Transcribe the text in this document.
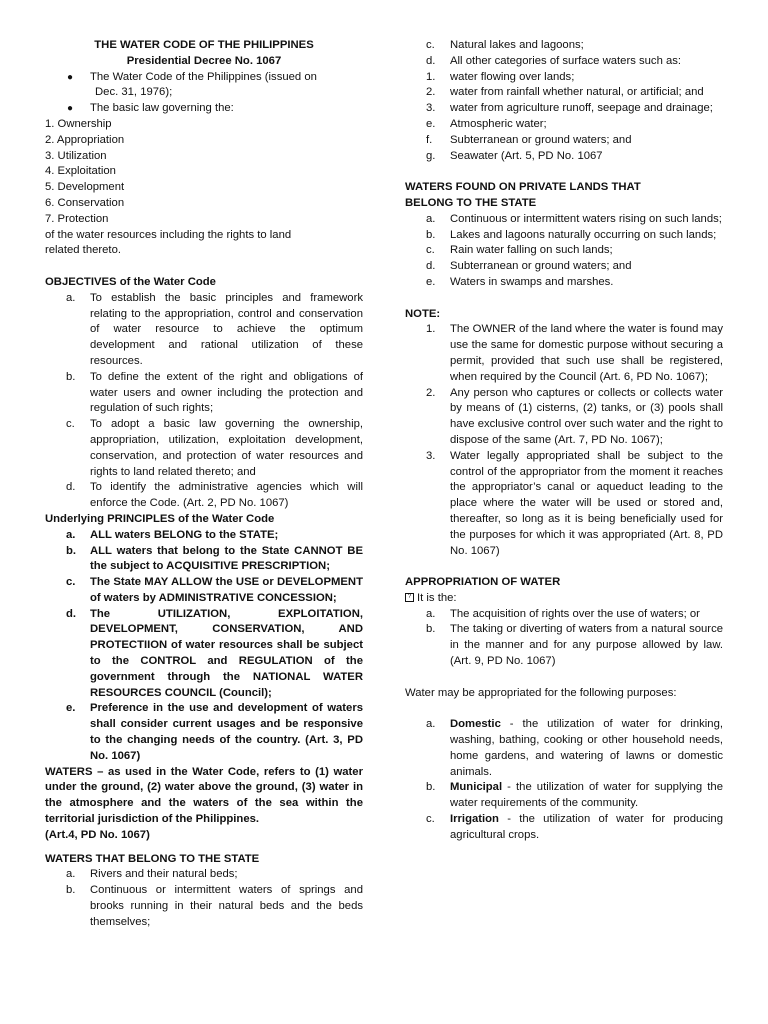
THE WATER CODE OF THE PHILIPPINES

Presidential Decree No. 1067

● The Water Code of the Philippines (issued on
Dec. 31, 1976);
● The basic law governing the:

1. Ownership

2. Appropriation

3. Utilization

4. Exploitation

5. Development

6. Conservation

7. Protection

of the water resources including the rights to land related thereto.

OBJECTIVES of the Water Code

a. To establish the basic principles and framework relating to the appropriation, control and conservation of water resource to achieve the optimum development and rational utilization of these resources.
b. To define the extent of the right and obligations of water users and owner including the protection and regulation of such rights;
c. To adopt a basic law governing the ownership, appropriation, utilization, exploitation development, conservation, and protection of water resources and rights to land related thereto; and
d. To identify the administrative agencies which will enforce the Code. (Art. 2, PD No. 1067)

Underlying PRINCIPLES of the Water Code

a. ALL waters BELONG to the STATE;
b. ALL waters that belong to the State CANNOT BE the subject to ACQUISITIVE PRESCRIPTION;
c. The State MAY ALLOW the USE or DEVELOPMENT of waters by ADMINISTRATIVE CONCESSION;
d. The UTILIZATION, EXPLOITATION, DEVELOPMENT, CONSERVATION, AND PROTECTIION of water resources shall be subject to the CONTROL and REGULATION of the government through the NATIONAL WATER RESOURCES COUNCIL (Council);
e. Preference in the use and development of waters shall consider current usages and be responsive to the changing needs of the country. (Art. 3, PD No. 1067)

WATERS – as used in the Water Code, refers to (1) water under the ground, (2) water above the ground, (3) water in the atmosphere and the waters of the sea within the territorial jurisdiction of the Philippines.

(Art.4, PD No. 1067)

WATERS THAT BELONG TO THE STATE

a. Rivers and their natural beds;
b. Continuous or intermittent waters of springs and brooks running in their natural beds and the beds themselves;
c. Natural lakes and lagoons;
d. All other categories of surface waters such as:
1. water flowing over lands;
2. water from rainfall whether natural, or artificial; and
3. water from agriculture runoff, seepage and drainage;
e. Atmospheric water;
f. Subterranean or ground waters; and
g. Seawater (Art. 5, PD No. 1067

WATERS FOUND ON PRIVATE LANDS THAT

BELONG TO THE STATE

a. Continuous or intermittent waters rising on such lands;
b. Lakes and lagoons naturally occurring on such lands;
c. Rain water falling on such lands;
d. Subterranean or ground waters; and
e. Waters in swamps and marshes.

NOTE:

1. The OWNER of the land where the water is found may use the same for domestic purpose without securing a permit, provided that such use shall be registered, when required by the Council (Art. 6, PD No. 1067);
2. Any person who captures or collects or collects water by means of (1) cisterns, (2) tanks, or (3) pools shall have exclusive control over such water and the right to dispose of the same (Art. 7, PD No. 1067);
3. Water legally appropriated shall be subject to the control of the appropriator from the moment it reaches the appropriator’s canal or aqueduct leading to the place where the water will be used or stored and, thereafter, so long as it is being beneficially used for the purposes for which it was appropriated (Art. 8, PD No. 1067)

APPROPRIATION OF WATER

? It is the:

a. The acquisition of rights over the use of waters; or
b. The taking or diverting of waters from a natural source in the manner and for any purpose allowed by law. (Art. 9, PD No. 1067)

Water may be appropriated for the following purposes:

a. Domestic - the utilization of water for drinking, washing, bathing, cooking or other household needs, home gardens, and watering of lawns or domestic animals.
b. Municipal - the utilization of water for supplying the water requirements of the community.
c. Irrigation - the utilization of water for producing agricultural crops.
